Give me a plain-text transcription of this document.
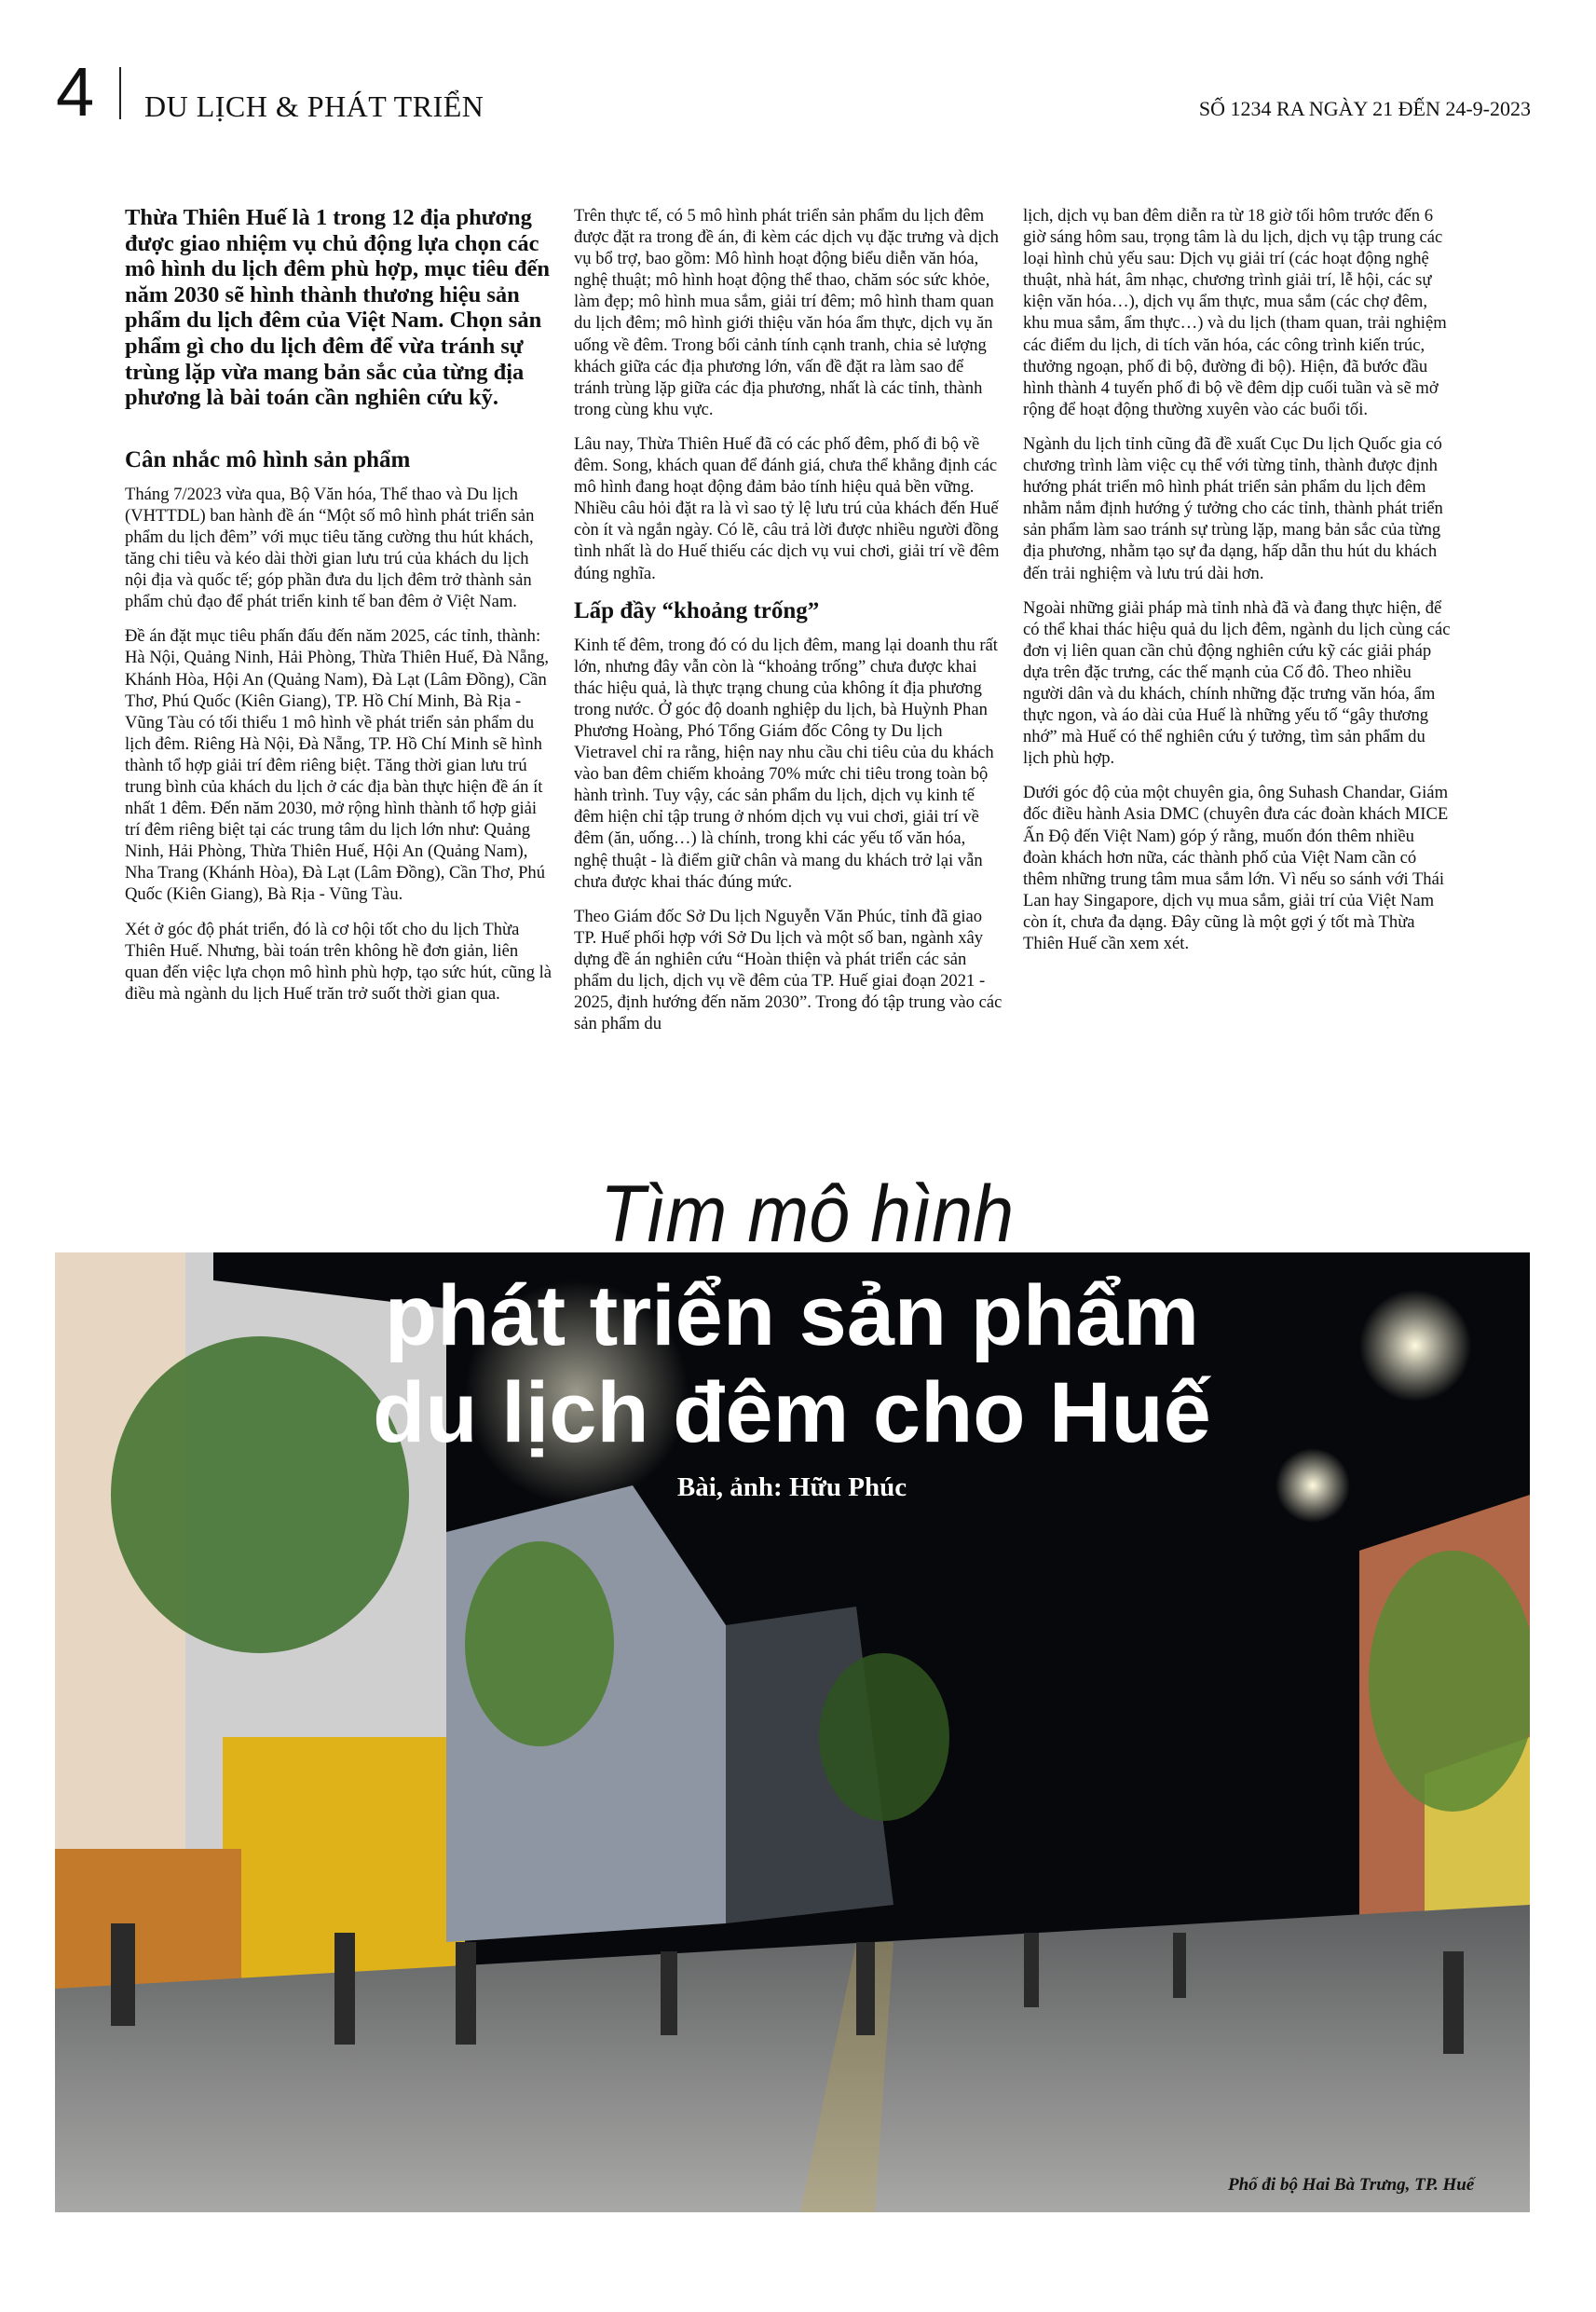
4 DU LỊCH & PHÁT TRIỂN	SỐ 1234 RA NGÀY 21 ĐẾN 24-9-2023

Thừa Thiên Huế là 1 trong 12 địa phương được giao nhiệm vụ chủ động lựa chọn các mô hình du lịch đêm phù hợp, mục tiêu đến năm 2030 sẽ hình thành thương hiệu sản phẩm du lịch đêm của Việt Nam. Chọn sản phẩm gì cho du lịch đêm để vừa tránh sự trùng lặp vừa mang bản sắc của từng địa phương là bài toán cần nghiên cứu kỹ.

Cân nhắc mô hình sản phẩm

Tháng 7/2023 vừa qua, Bộ Văn hóa, Thể thao và Du lịch (VHTTDL) ban hành đề án “Một số mô hình phát triển sản phẩm du lịch đêm” với mục tiêu tăng cường thu hút khách, tăng chi tiêu và kéo dài thời gian lưu trú của khách du lịch nội địa và quốc tế; góp phần đưa du lịch đêm trở thành sản phẩm chủ đạo để phát triển kinh tế ban đêm ở Việt Nam.

Đề án đặt mục tiêu phấn đấu đến năm 2025, các tỉnh, thành: Hà Nội, Quảng Ninh, Hải Phòng, Thừa Thiên Huế, Đà Nẵng, Khánh Hòa, Hội An (Quảng Nam), Đà Lạt (Lâm Đồng), Cần Thơ, Phú Quốc (Kiên Giang), TP. Hồ Chí Minh, Bà Rịa - Vũng Tàu có tối thiểu 1 mô hình về phát triển sản phẩm du lịch đêm. Riêng Hà Nội, Đà Nẵng, TP. Hồ Chí Minh sẽ hình thành tổ hợp giải trí đêm riêng biệt. Tăng thời gian lưu trú trung bình của khách du lịch ở các địa bàn thực hiện đề án ít nhất 1 đêm. Đến năm 2030, mở rộng hình thành tổ hợp giải trí đêm riêng biệt tại các trung tâm du lịch lớn như: Quảng Ninh, Hải Phòng, Thừa Thiên Huế, Hội An (Quảng Nam), Nha Trang (Khánh Hòa), Đà Lạt (Lâm Đồng), Cần Thơ, Phú Quốc (Kiên Giang), Bà Rịa - Vũng Tàu.

Xét ở góc độ phát triển, đó là cơ hội tốt cho du lịch Thừa Thiên Huế. Nhưng, bài toán trên không hề đơn giản, liên quan đến việc lựa chọn mô hình phù hợp, tạo sức hút, cũng là điều mà ngành du lịch Huế trăn trở suốt thời gian qua.

Trên thực tế, có 5 mô hình phát triển sản phẩm du lịch đêm được đặt ra trong đề án, đi kèm các dịch vụ đặc trưng và dịch vụ bổ trợ, bao gồm: Mô hình hoạt động biểu diễn văn hóa, nghệ thuật; mô hình hoạt động thể thao, chăm sóc sức khỏe, làm đẹp; mô hình mua sắm, giải trí đêm; mô hình tham quan du lịch đêm; mô hình giới thiệu văn hóa ẩm thực, dịch vụ ăn uống về đêm. Trong bối cảnh tính cạnh tranh, chia sẻ lượng khách giữa các địa phương lớn, vấn đề đặt ra làm sao để tránh trùng lặp giữa các địa phương, nhất là các tỉnh, thành trong cùng khu vực.

Lâu nay, Thừa Thiên Huế đã có các phố đêm, phố đi bộ về đêm. Song, khách quan để đánh giá, chưa thể khẳng định các mô hình đang hoạt động đảm bảo tính hiệu quả bền vững. Nhiều câu hỏi đặt ra là vì sao tỷ lệ lưu trú của khách đến Huế còn ít và ngắn ngày. Có lẽ, câu trả lời được nhiều người đồng tình nhất là do Huế thiếu các dịch vụ vui chơi, giải trí về đêm đúng nghĩa.

Lấp đầy “khoảng trống”

Kinh tế đêm, trong đó có du lịch đêm, mang lại doanh thu rất lớn, nhưng đây vẫn còn là “khoảng trống” chưa được khai thác hiệu quả, là thực trạng chung của không ít địa phương trong nước. Ở góc độ doanh nghiệp du lịch, bà Huỳnh Phan Phương Hoàng, Phó Tổng Giám đốc Công ty Du lịch Vietravel chỉ ra rằng, hiện nay nhu cầu chi tiêu của du khách vào ban đêm chiếm khoảng 70% mức chi tiêu trong toàn bộ hành trình. Tuy vậy, các sản phẩm du lịch, dịch vụ kinh tế đêm hiện chỉ tập trung ở nhóm dịch vụ vui chơi, giải trí về đêm (ăn, uống…) là chính, trong khi các yếu tố văn hóa, nghệ thuật - là điểm giữ chân và mang du khách trở lại vẫn chưa được khai thác đúng mức.

Theo Giám đốc Sở Du lịch Nguyễn Văn Phúc, tỉnh đã giao TP. Huế phối hợp với Sở Du lịch và một số ban, ngành xây dựng đề án nghiên cứu “Hoàn thiện và phát triển các sản phẩm du lịch, dịch vụ về đêm của TP. Huế giai đoạn 2021 - 2025, định hướng đến năm 2030”. Trong đó tập trung vào các sản phẩm du

lịch, dịch vụ ban đêm diễn ra từ 18 giờ tối hôm trước đến 6 giờ sáng hôm sau, trọng tâm là du lịch, dịch vụ tập trung các loại hình chủ yếu sau: Dịch vụ giải trí (các hoạt động nghệ thuật, nhà hát, âm nhạc, chương trình giải trí, lễ hội, các sự kiện văn hóa…), dịch vụ ẩm thực, mua sắm (các chợ đêm, khu mua sắm, ẩm thực…) và du lịch (tham quan, trải nghiệm các điểm du lịch, di tích văn hóa, các công trình kiến trúc, thưởng ngoạn, phố đi bộ, đường đi bộ). Hiện, đã bước đầu hình thành 4 tuyến phố đi bộ về đêm dịp cuối tuần và sẽ mở rộng để hoạt động thường xuyên vào các buổi tối.

Ngành du lịch tỉnh cũng đã đề xuất Cục Du lịch Quốc gia có chương trình làm việc cụ thể với từng tỉnh, thành được định hướng phát triển mô hình phát triển sản phẩm du lịch đêm nhằm nắm định hướng ý tưởng cho các tỉnh, thành phát triển sản phẩm làm sao tránh sự trùng lặp, mang bản sắc của từng địa phương, nhằm tạo sự đa dạng, hấp dẫn thu hút du khách đến trải nghiệm và lưu trú dài hơn.

Ngoài những giải pháp mà tỉnh nhà đã và đang thực hiện, để có thể khai thác hiệu quả du lịch đêm, ngành du lịch cùng các đơn vị liên quan cần chủ động nghiên cứu kỹ các giải pháp dựa trên đặc trưng, các thế mạnh của Cố đô. Theo nhiều người dân và du khách, chính những đặc trưng văn hóa, ẩm thực ngon, và áo dài của Huế là những yếu tố “gây thương nhớ” mà Huế có thể nghiên cứu ý tưởng, tìm sản phẩm du lịch phù hợp.

Dưới góc độ của một chuyên gia, ông Suhash Chandar, Giám đốc điều hành Asia DMC (chuyên đưa các đoàn khách MICE Ấn Độ đến Việt Nam) góp ý rằng, muốn đón thêm nhiều đoàn khách hơn nữa, các thành phố của Việt Nam cần có thêm những trung tâm mua sắm lớn. Vì nếu so sánh với Thái Lan hay Singapore, dịch vụ mua sắm, giải trí của Việt Nam còn ít, chưa đa dạng. Đây cũng là một gợi ý tốt mà Thừa Thiên Huế cần xem xét.

Tìm mô hình
phát triển sản phẩm
du lịch đêm cho Huế
Bài, ảnh: Hữu Phúc
Phố đi bộ Hai Bà Trưng, TP. Huế
